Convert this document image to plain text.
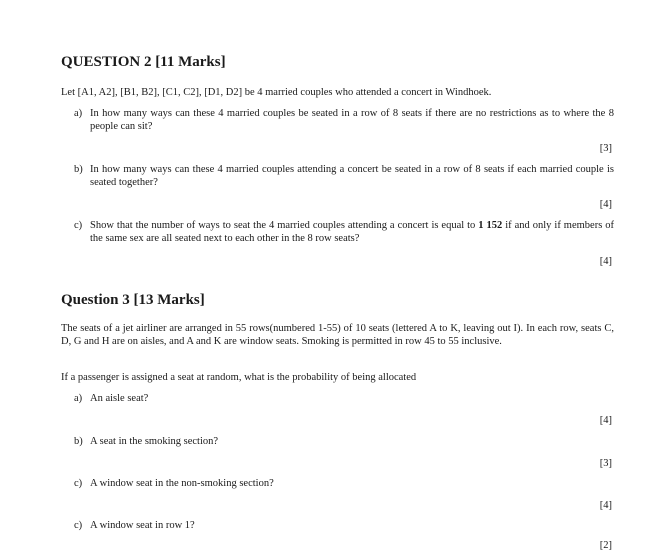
QUESTION 2 [11 Marks]
Let [A1, A2], [B1, B2], [C1, C2], [D1, D2] be 4 married couples who attended a concert in Windhoek.
a) In how many ways can these 4 married couples be seated in a row of 8 seats if there are no restrictions as to where the 8 people can sit?
[3]
b) In how many ways can these 4 married couples attending a concert be seated in a row of 8 seats if each married couple is seated together?
[4]
c) Show that the number of ways to seat the 4 married couples attending a concert is equal to 1 152 if and only if members of the same sex are all seated next to each other in the 8 row seats?
[4]
Question 3 [13 Marks]
The seats of a jet airliner are arranged in 55 rows(numbered 1-55) of 10 seats (lettered A to K, leaving out I). In each row, seats C, D, G and H are on aisles, and A and K are window seats. Smoking is permitted in row 45 to 55 inclusive.
If a passenger is assigned a seat at random, what is the probability of being allocated
a) An aisle seat?
[4]
b) A seat in the smoking section?
[3]
c) A window seat in the non-smoking section?
[4]
c) A window seat in row 1?
[2]
